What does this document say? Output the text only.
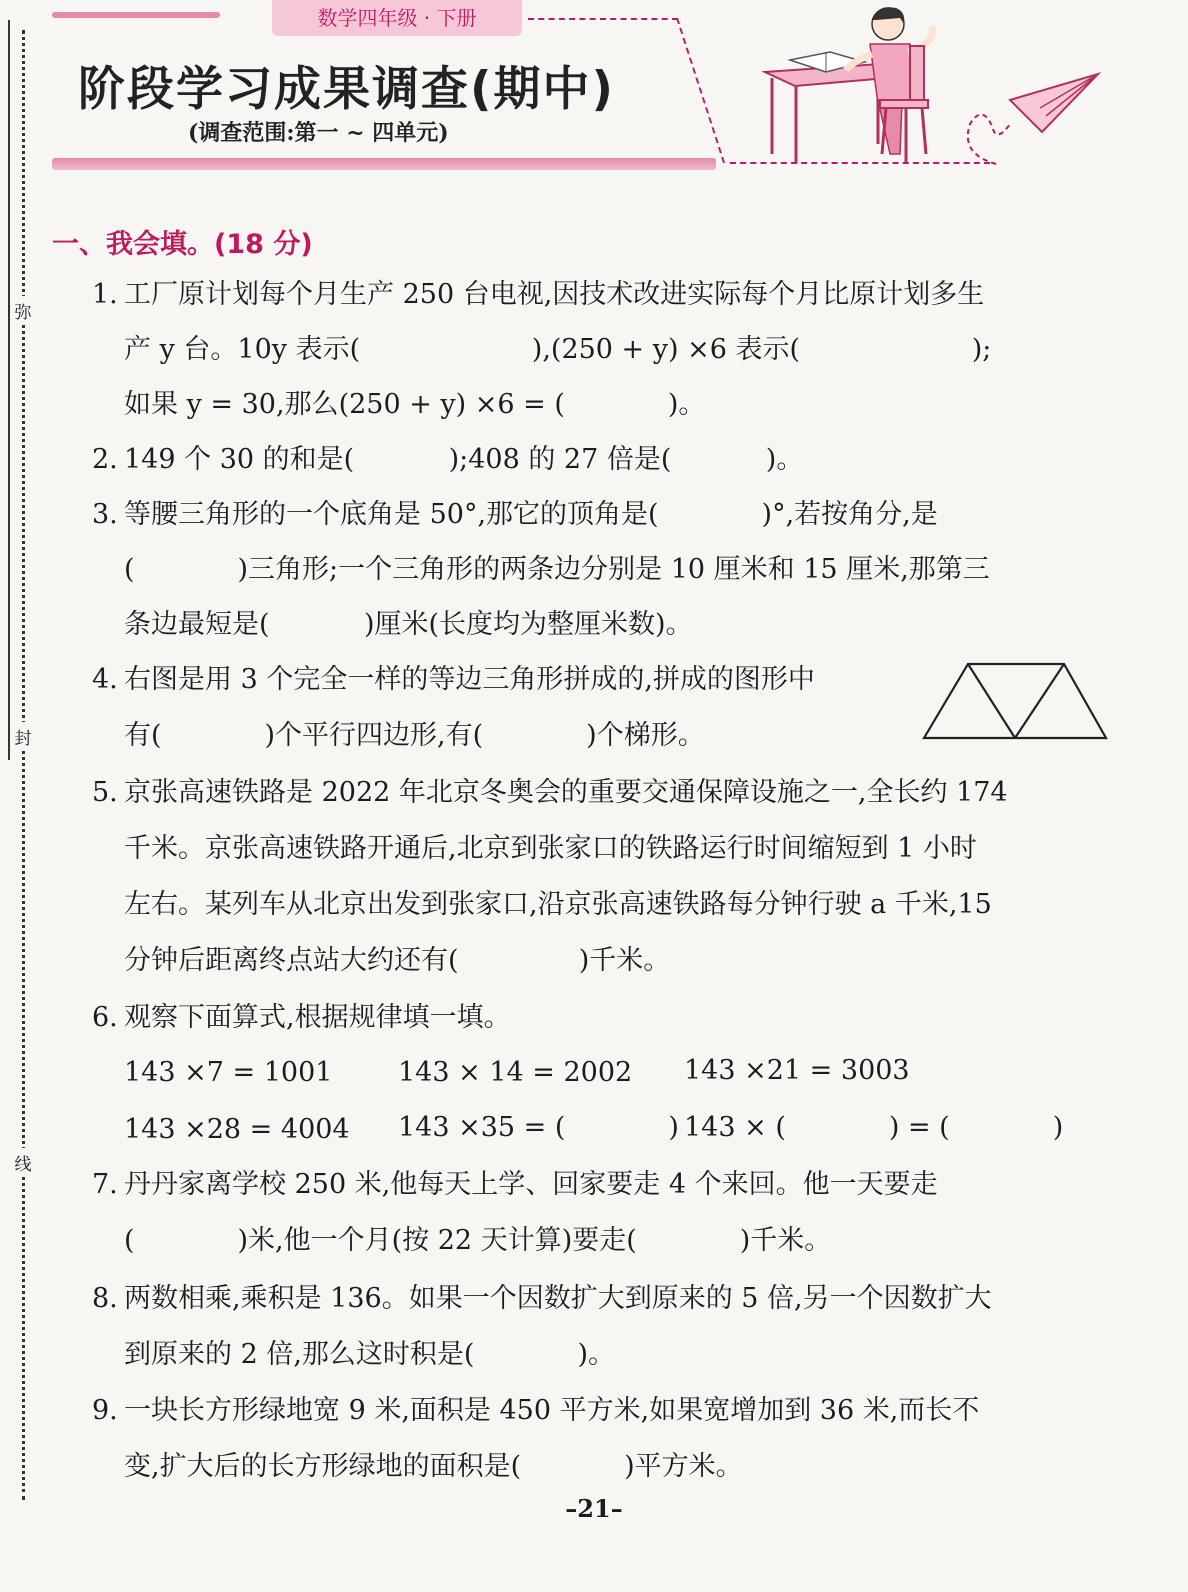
弥
封
线
数学四年级 · 下册
阶段学习成果调查(期中)
(调查范围:第一 ~ 四单元)
一、我会填。(18 分)
1. 工厂原计划每个月生产 250 台电视,因技术改进实际每个月比原计划多生
产 y 台。10y 表示(                    ),(250 + y) ×6 表示(                    );
如果 y = 30,那么(250 + y) ×6 = (            )。
2. 149 个 30 的和是(           );408 的 27 倍是(           )。
3. 等腰三角形的一个底角是 50°,那它的顶角是(            )°,若按角分,是
(            )三角形;一个三角形的两条边分别是 10 厘米和 15 厘米,那第三
条边最短是(           )厘米(长度均为整厘米数)。
4. 右图是用 3 个完全一样的等边三角形拼成的,拼成的图形中
有(            )个平行四边形,有(            )个梯形。
5. 京张高速铁路是 2022 年北京冬奥会的重要交通保障设施之一,全长约 174
千米。京张高速铁路开通后,北京到张家口的铁路运行时间缩短到 1 小时
左右。某列车从北京出发到张家口,沿京张高速铁路每分钟行驶 a 千米,15
分钟后距离终点站大约还有(              )千米。
6. 观察下面算式,根据规律填一填。
143 ×7 = 1001 143 × 14 = 2002 143 ×21 = 3003
143 ×28 = 4004 143 ×35 = (            ) 143 × (            ) = (            )
7. 丹丹家离学校 250 米,他每天上学、回家要走 4 个来回。他一天要走
(            )米,他一个月(按 22 天计算)要走(            )千米。
8. 两数相乘,乘积是 136。如果一个因数扩大到原来的 5 倍,另一个因数扩大
到原来的 2 倍,那么这时积是(            )。
9. 一块长方形绿地宽 9 米,面积是 450 平方米,如果宽增加到 36 米,而长不
变,扩大后的长方形绿地的面积是(            )平方米。
–21–
